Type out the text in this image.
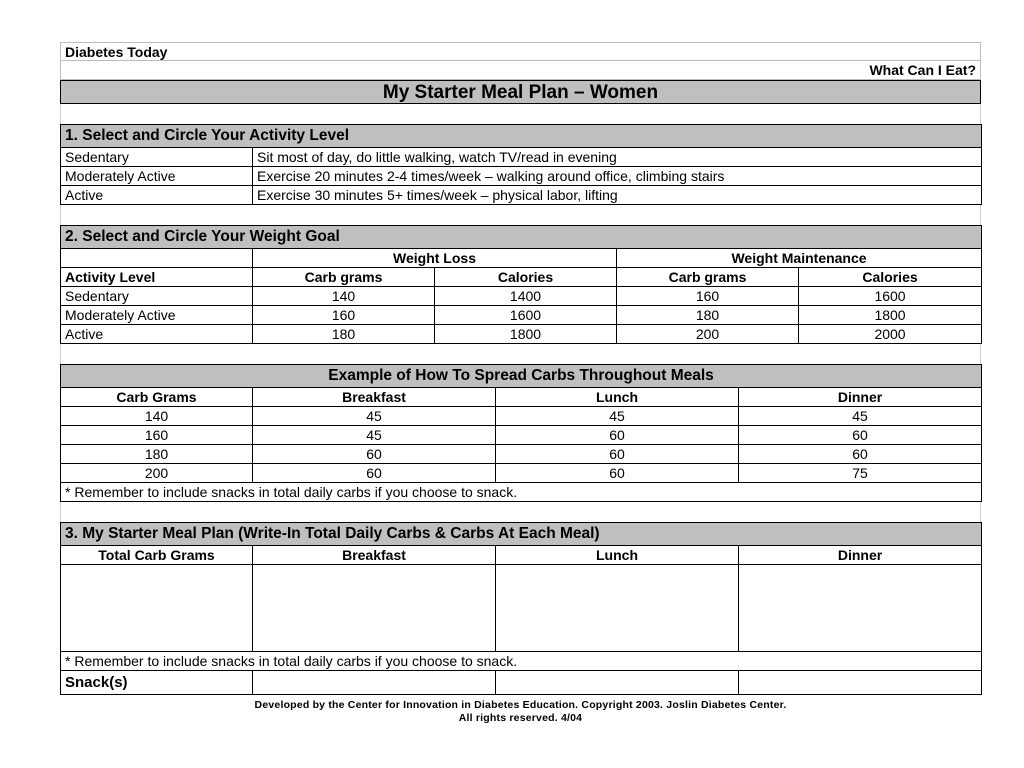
Diabetes Today
What Can I Eat?
My Starter Meal Plan – Women
1. Select and Circle Your Activity Level	
Sedentary	Sit most of day, do little walking, watch TV/read in evening
Moderately Active	Exercise 20 minutes 2-4 times/week – walking around office, climbing stairs
Active	Exercise 30 minutes 5+ times/week – physical labor, lifting
2. Select and Circle Your Weight Goal				
	Weight Loss		Weight Maintenance	
Activity Level	Carb grams	Calories	Carb grams	Calories
Sedentary	140	1400	160	1600
Moderately Active	160	1600	180	1800
Active	180	1800	200	2000
Example of How To Spread Carbs Throughout Meals			
Carb Grams	Breakfast	Lunch	Dinner
140	45	45	45
160	45	60	60
180	60	60	60
200	60	60	75
* Remember to include snacks in total daily carbs if you choose to snack.			
3. My Starter Meal Plan (Write-In Total Daily Carbs & Carbs At Each Meal)			
Total Carb Grams	Breakfast	Lunch	Dinner

* Remember to include snacks in total daily carbs if you choose to snack.			
Snack(s)			
Developed by the Center for Innovation in Diabetes Education. Copyright 2003. Joslin Diabetes Center.
All rights reserved. 4/04
